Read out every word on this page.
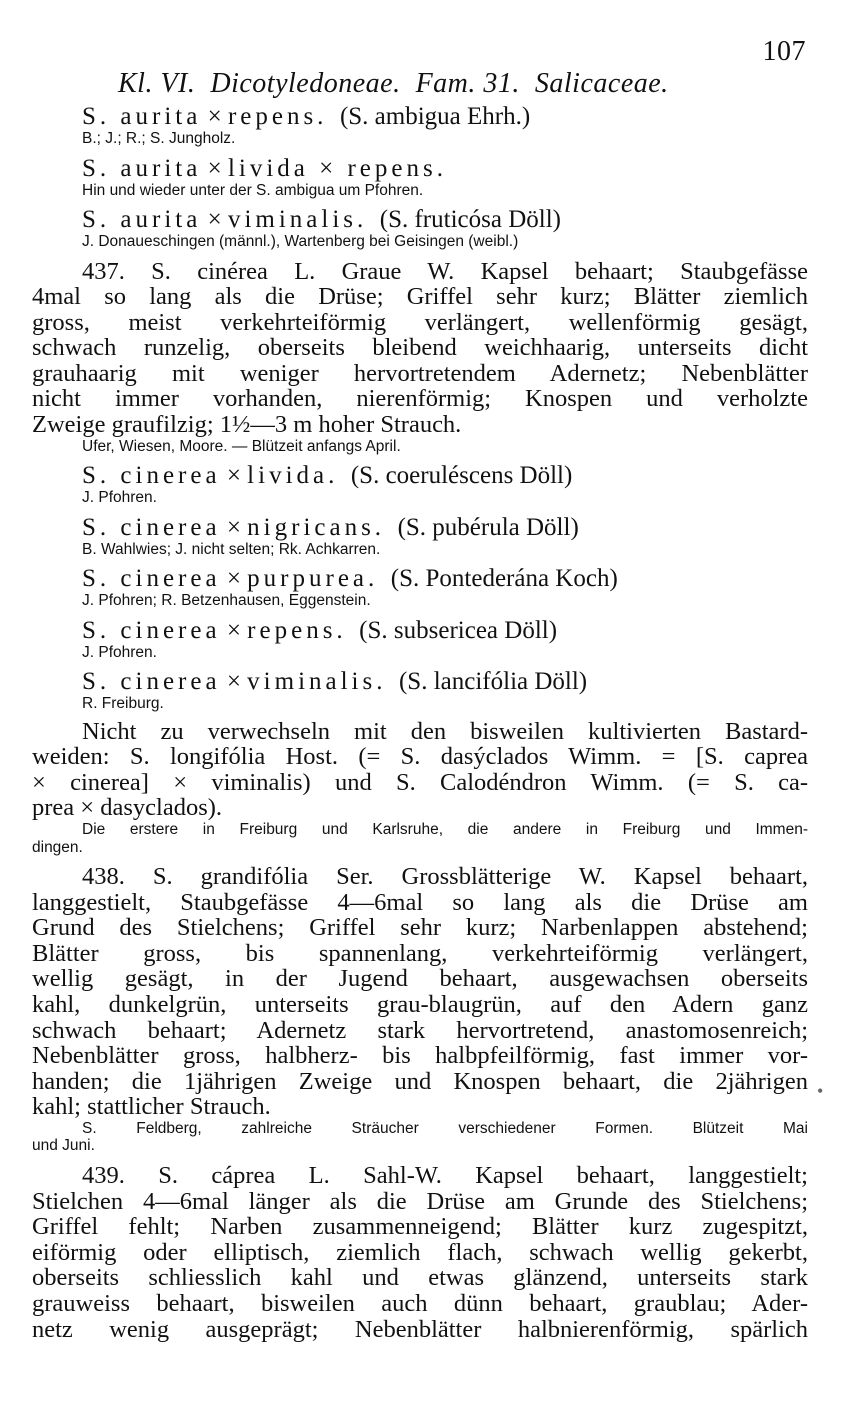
Kl. VI.  Dicotyledoneae.  Fam. 31.  Salicaceae.

107

S. aurita × repens. (S. ambigua Ehrh.)
B.; J.; R.; S. Jungholz.
S. aurita × livida × repens.
Hin und wieder unter der S. ambigua um Pfohren.
S. aurita × viminalis. (S. fruticósa Döll)
J. Donaueschingen (männl.), Wartenberg bei Geisingen (weibl.)
437. S. cinérea L. Graue W. Kapsel behaart; Staubgefässe
4mal so lang als die Drüse; Griffel sehr kurz; Blätter ziemlich
gross, meist verkehrteiförmig verlängert, wellenförmig gesägt,
schwach runzelig, oberseits bleibend weichhaarig, unterseits dicht
grauhaarig mit weniger hervortretendem Adernetz; Nebenblätter
nicht immer vorhanden, nierenförmig; Knospen und verholzte
Zweige graufilzig; 1½—3 m hoher Strauch.
Ufer, Wiesen, Moore. — Blützeit anfangs April.
S. cinerea × livida. (S. coeruléscens Döll)
J. Pfohren.
S. cinerea × nigricans. (S. pubérula Döll)
B. Wahlwies; J. nicht selten; Rk. Achkarren.
S. cinerea × purpurea. (S. Pontederána Koch)
J. Pfohren; R. Betzenhausen, Eggenstein.
S. cinerea × repens. (S. subsericea Döll)
J. Pfohren.
S. cinerea × viminalis. (S. lancifólia Döll)
R. Freiburg.
Nicht zu verwechseln mit den bisweilen kultivierten Bastard-
weiden: S. longifólia Host. (= S. dasýclados Wimm. = [S. caprea
× cinerea] × viminalis) und S. Calodéndron Wimm. (= S. ca-
prea × dasyclados).
Die erstere in Freiburg und Karlsruhe, die andere in Freiburg und Immen-
dingen.
438. S. grandifólia Ser. Grossblätterige W. Kapsel behaart,
langgestielt, Staubgefässe 4—6mal so lang als die Drüse am
Grund des Stielchens; Griffel sehr kurz; Narbenlappen abstehend;
Blätter gross, bis spannenlang, verkehrteiförmig verlängert,
wellig gesägt, in der Jugend behaart, ausgewachsen oberseits
kahl, dunkelgrün, unterseits grau-blaugrün, auf den Adern ganz
schwach behaart; Adernetz stark hervortretend, anastomosenreich;
Nebenblätter gross, halbherz- bis halbpfeilförmig, fast immer vor-
handen; die 1jährigen Zweige und Knospen behaart, die 2jährigen
kahl; stattlicher Strauch.
S. Feldberg, zahlreiche Sträucher verschiedener Formen. Blützeit Mai
und Juni.
439. S. cáprea L. Sahl-W. Kapsel behaart, langgestielt;
Stielchen 4—6mal länger als die Drüse am Grunde des Stielchens;
Griffel fehlt; Narben zusammenneigend; Blätter kurz zugespitzt,
eiförmig oder elliptisch, ziemlich flach, schwach wellig gekerbt,
oberseits schliesslich kahl und etwas glänzend, unterseits stark
grauweiss behaart, bisweilen auch dünn behaart, graublau; Ader-
netz wenig ausgeprägt; Nebenblätter halbnierenförmig, spärlich
•
